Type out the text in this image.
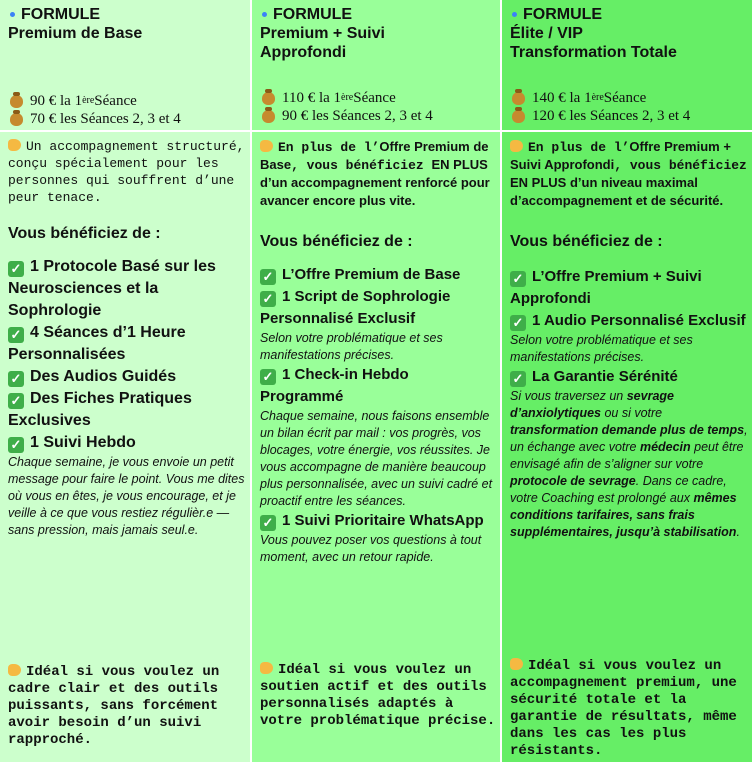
FORMULE
Premium de Base
90 € la 1 ère Séance
70 € les Séances 2, 3 et 4
Un accompagnement structuré, conçu spécialement pour les personnes qui souffrent d’une peur tenace.
Vous bénéficiez de :
✓ 1 Protocole Basé sur les Neurosciences et la Sophrologie
✓ 4 Séances d’1 Heure Personnalisées
✓ Des Audios Guidés
✓ Des Fiches Pratiques Exclusives
✓ 1 Suivi Hebdo
Chaque semaine, je vous envoie un petit message pour faire le point. Vous me dites où vous en êtes, je vous encourage, et je veille à ce que vous restiez régulièr.e — sans pression, mais jamais seul.e.
Idéal si vous voulez un cadre clair et des outils puissants, sans forcément avoir besoin d’un suivi rapproché.
FORMULE
Premium + Suivi
Approfondi
110 € la 1 ère Séance
90 € les Séances 2, 3 et 4
En plus de l’Offre Premium de Base, vous bénéficiez EN PLUS d’un accompagnement renforcé pour avancer encore plus vite.
Vous bénéficiez de :
✓ L’Offre Premium de Base
✓ 1 Script de Sophrologie Personnalisé Exclusif
Selon votre problématique et ses manifestations précises.
✓ 1 Check-in Hebdo Programmé
Chaque semaine, nous faisons ensemble un bilan écrit par mail : vos progrès, vos blocages, votre énergie, vos réussites. Je vous accompagne de manière beaucoup plus personnalisée, avec un suivi cadré et proactif entre les séances.
✓ 1 Suivi Prioritaire WhatsApp
Vous pouvez poser vos questions à tout moment, avec un retour rapide.
Idéal si vous voulez un soutien actif et des outils personnalisés adaptés à votre problématique précise.
FORMULE
Élite / VIP
Transformation Totale
140 € la 1 ère Séance
120 € les Séances 2, 3 et 4
En plus de l’Offre Premium + Suivi Approfondi, vous bénéficiez EN PLUS d’un niveau maximal d’accompagnement et de sécurité.
Vous bénéficiez de :
✓ L’Offre Premium + Suivi Approfondi
✓ 1 Audio Personnalisé Exclusif
Selon votre problématique et ses manifestations précises.
✓ La Garantie Sérénité
Si vous traversez un sevrage d’anxiolytiques ou si votre transformation demande plus de temps, un échange avec votre médecin peut être envisagé afin de s’aligner sur votre protocole de sevrage. Dans ce cadre, votre Coaching est prolongé aux mêmes conditions tarifaires, sans frais supplémentaires, jusqu’à stabilisation.
Idéal si vous voulez un accompagnement premium, une sécurité totale et la garantie de résultats, même dans les cas les plus résistants.
